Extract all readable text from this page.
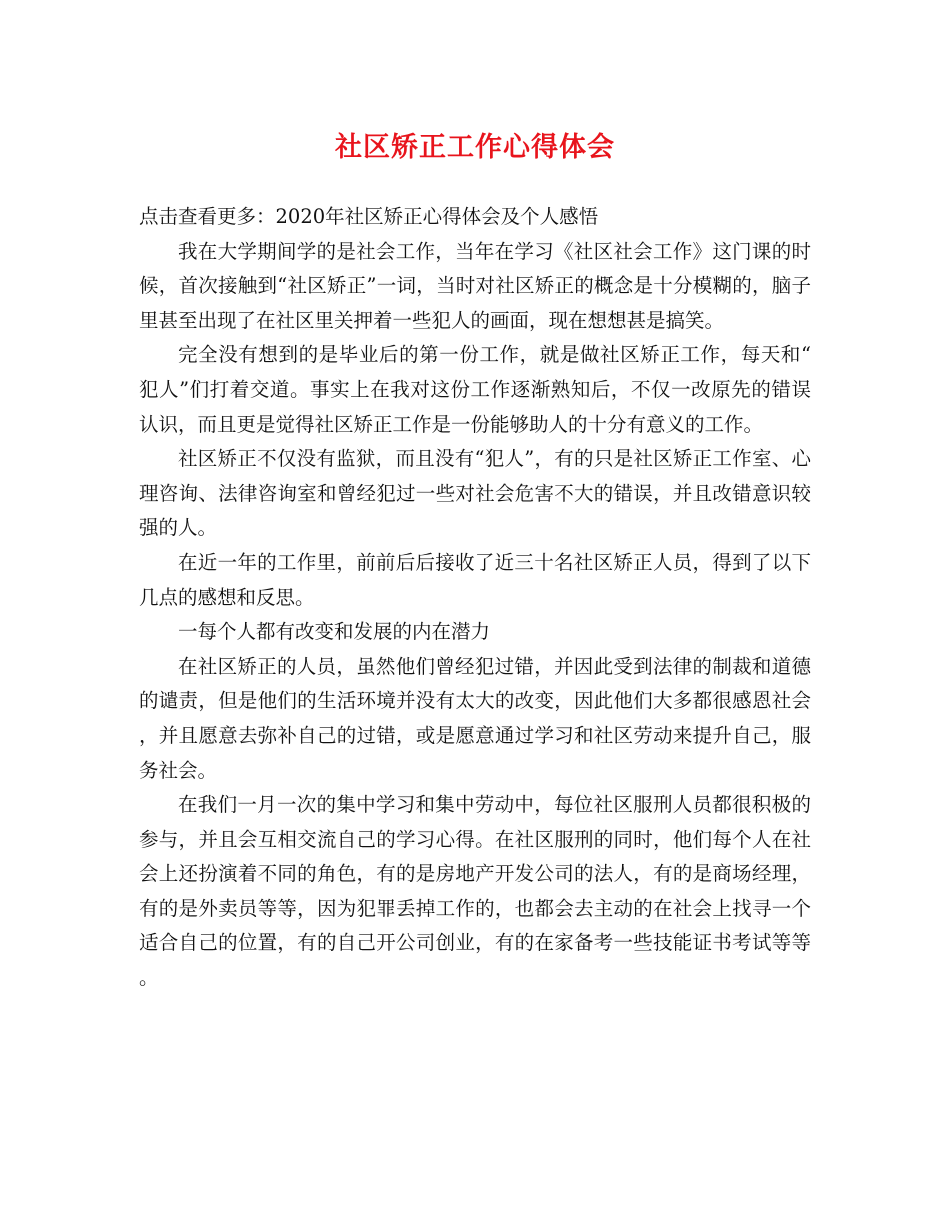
社区矫正工作心得体会

点击查看更多：2020年社区矫正心得体会及个人感悟

我在大学期间学的是社会工作，当年在学习《社区社会工作》这门课的时候，首次接触到“社区矫正”一词，当时对社区矫正的概念是十分模糊的，脑子里甚至出现了在社区里关押着一些犯人的画面，现在想想甚是搞笑。

完全没有想到的是毕业后的第一份工作，就是做社区矫正工作，每天和“犯人”们打着交道。事实上在我对这份工作逐渐熟知后，不仅一改原先的错误认识，而且更是觉得社区矫正工作是一份能够助人的十分有意义的工作。

社区矫正不仅没有监狱，而且没有“犯人”，有的只是社区矫正工作室、心理咨询、法律咨询室和曾经犯过一些对社会危害不大的错误，并且改错意识较强的人。

在近一年的工作里，前前后后接收了近三十名社区矫正人员，得到了以下几点的感想和反思。

一每个人都有改变和发展的内在潜力

在社区矫正的人员，虽然他们曾经犯过错，并因此受到法律的制裁和道德的谴责，但是他们的生活环境并没有太大的改变，因此他们大多都很感恩社会，并且愿意去弥补自己的过错，或是愿意通过学习和社区劳动来提升自己，服务社会。

在我们一月一次的集中学习和集中劳动中，每位社区服刑人员都很积极的参与，并且会互相交流自己的学习心得。在社区服刑的同时，他们每个人在社会上还扮演着不同的角色，有的是房地产开发公司的法人，有的是商场经理，有的是外卖员等等，因为犯罪丢掉工作的，也都会去主动的在社会上找寻一个适合自己的位置，有的自己开公司创业，有的在家备考一些技能证书考试等等。
